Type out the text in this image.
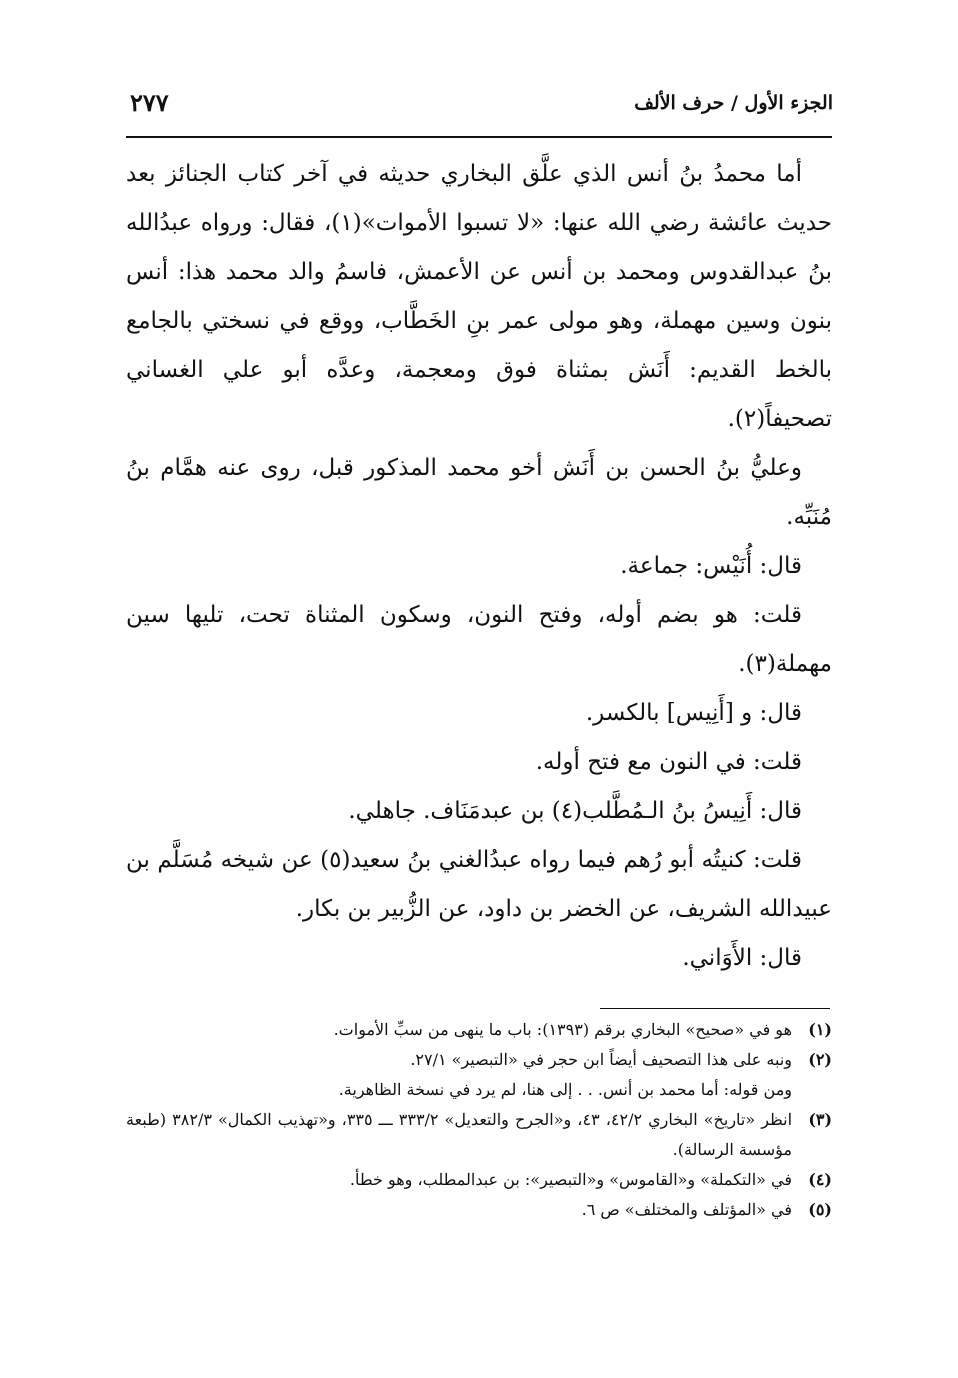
الجزء الأول / حرف الألف
٢٧٧

أما محمدُ بنُ أنس الذي علَّق البخاري حديثه في آخر كتاب الجنائز بعد حديث عائشة رضي الله عنها: «لا تسبوا الأموات»(١)، فقال: ورواه عبدُالله بنُ عبدالقدوس ومحمد بن أنس عن الأعمش، فاسمُ والد محمد هذا: أنس بنون وسين مهملة، وهو مولى عمر بنِ الخَطَّاب، ووقع في نسختي بالجامع بالخط القديم: أَنَش بمثناة فوق ومعجمة، وعدَّه أبو علي الغساني تصحيفاً(٢).

وعليُّ بنُ الحسن بن أَنَش أخو محمد المذكور قبل، روى عنه همَّام بنُ مُنَبِّه.

قال: أُنَيْس: جماعة.

قلت: هو بضم أوله، وفتح النون، وسكون المثناة تحت، تليها سين مهملة(٣).

قال: و [أَنِيس] بالكسر.

قلت: في النون مع فتح أوله.

قال: أَنِيسُ بنُ الـمُطَّلب(٤) بن عبدمَنَاف. جاهلي.

قلت: كنيتُه أبو رُهم فيما رواه عبدُالغني بنُ سعيد(٥) عن شيخه مُسَلَّم بن عبيدالله الشريف، عن الخضر بن داود، عن الزُّبير بن بكار.

قال: الأَوَاني.

(١)هو في «صحيح» البخاري برقم (١٣٩٣): باب ما ينهى من سبِّ الأموات.

(٢)ونبه على هذا التصحيف أيضاً ابن حجر في «التبصير» ٢٧/١.

ومن قوله: أما محمد بن أنس. . . إلى هنا، لم يرد في نسخة الظاهرية.

(٣)انظر «تاريخ» البخاري ٤٢/٢، ٤٣، و«الجرح والتعديل» ٣٣٣/٢ ـــ ٣٣٥، و«تهذيب الكمال» ٣٨٢/٣ (طبعة مؤسسة الرسالة).

(٤)في «التكملة» و«القاموس» و«التبصير»: بن عبدالمطلب، وهو خطأ.

(٥)في «المؤتلف والمختلف» ص ٦.
